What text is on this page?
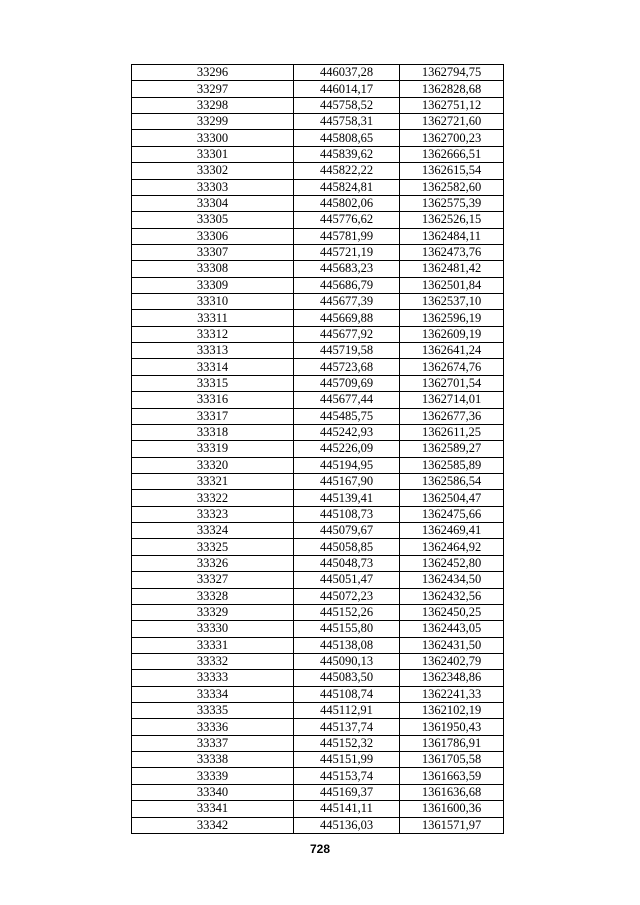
33296	446037,28	1362794,75
33297	446014,17	1362828,68
33298	445758,52	1362751,12
33299	445758,31	1362721,60
33300	445808,65	1362700,23
33301	445839,62	1362666,51
33302	445822,22	1362615,54
33303	445824,81	1362582,60
33304	445802,06	1362575,39
33305	445776,62	1362526,15
33306	445781,99	1362484,11
33307	445721,19	1362473,76
33308	445683,23	1362481,42
33309	445686,79	1362501,84
33310	445677,39	1362537,10
33311	445669,88	1362596,19
33312	445677,92	1362609,19
33313	445719,58	1362641,24
33314	445723,68	1362674,76
33315	445709,69	1362701,54
33316	445677,44	1362714,01
33317	445485,75	1362677,36
33318	445242,93	1362611,25
33319	445226,09	1362589,27
33320	445194,95	1362585,89
33321	445167,90	1362586,54
33322	445139,41	1362504,47
33323	445108,73	1362475,66
33324	445079,67	1362469,41
33325	445058,85	1362464,92
33326	445048,73	1362452,80
33327	445051,47	1362434,50
33328	445072,23	1362432,56
33329	445152,26	1362450,25
33330	445155,80	1362443,05
33331	445138,08	1362431,50
33332	445090,13	1362402,79
33333	445083,50	1362348,86
33334	445108,74	1362241,33
33335	445112,91	1362102,19
33336	445137,74	1361950,43
33337	445152,32	1361786,91
33338	445151,99	1361705,58
33339	445153,74	1361663,59
33340	445169,37	1361636,68
33341	445141,11	1361600,36
33342	445136,03	1361571,97
728
